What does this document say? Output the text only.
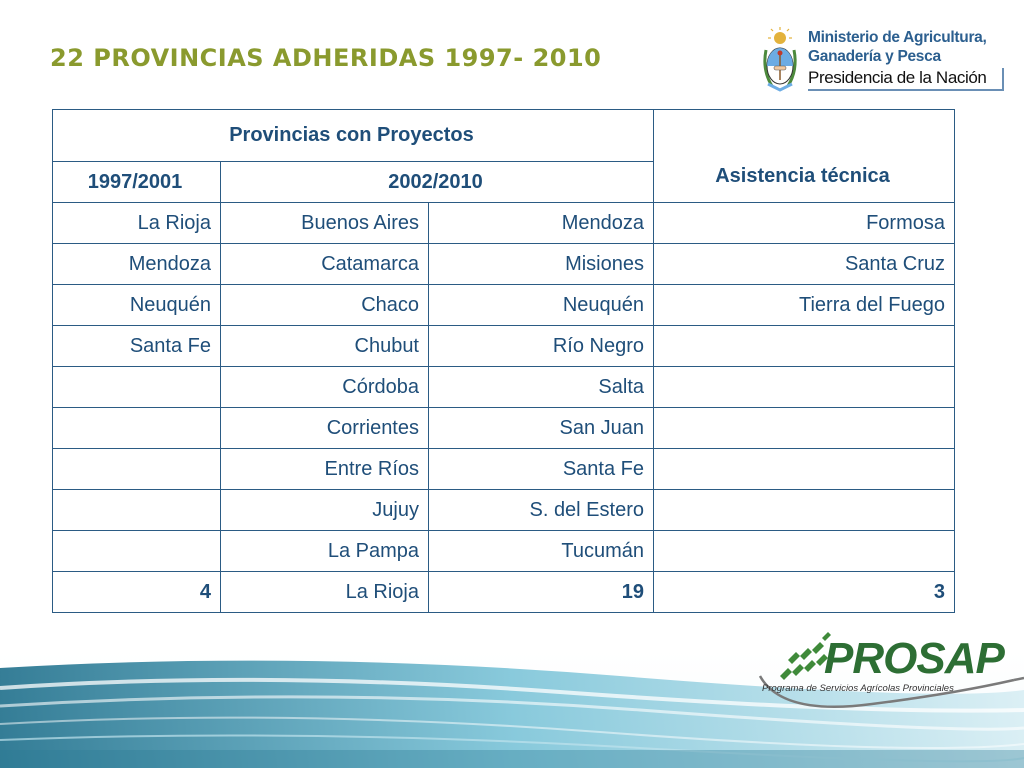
22 PROVINCIAS ADHERIDAS 1997- 2010
Ministerio de Agricultura,
Ganadería y Pesca
Presidencia de la Nación
Provincias con Proyectos			Asistencia técnica
1997/2001	2002/2010		
La Rioja	Buenos Aires	Mendoza	Formosa
Mendoza	Catamarca	Misiones	Santa Cruz
Neuquén	Chaco	Neuquén	Tierra del Fuego
Santa Fe	Chubut	Río Negro	
	Córdoba	Salta	
	Corrientes	San Juan	
	Entre Ríos	Santa Fe	
	Jujuy	S. del Estero	
	La Pampa	Tucumán	
4	La Rioja	19	3
PROSAP
Programa de Servicios Agrícolas Provinciales
